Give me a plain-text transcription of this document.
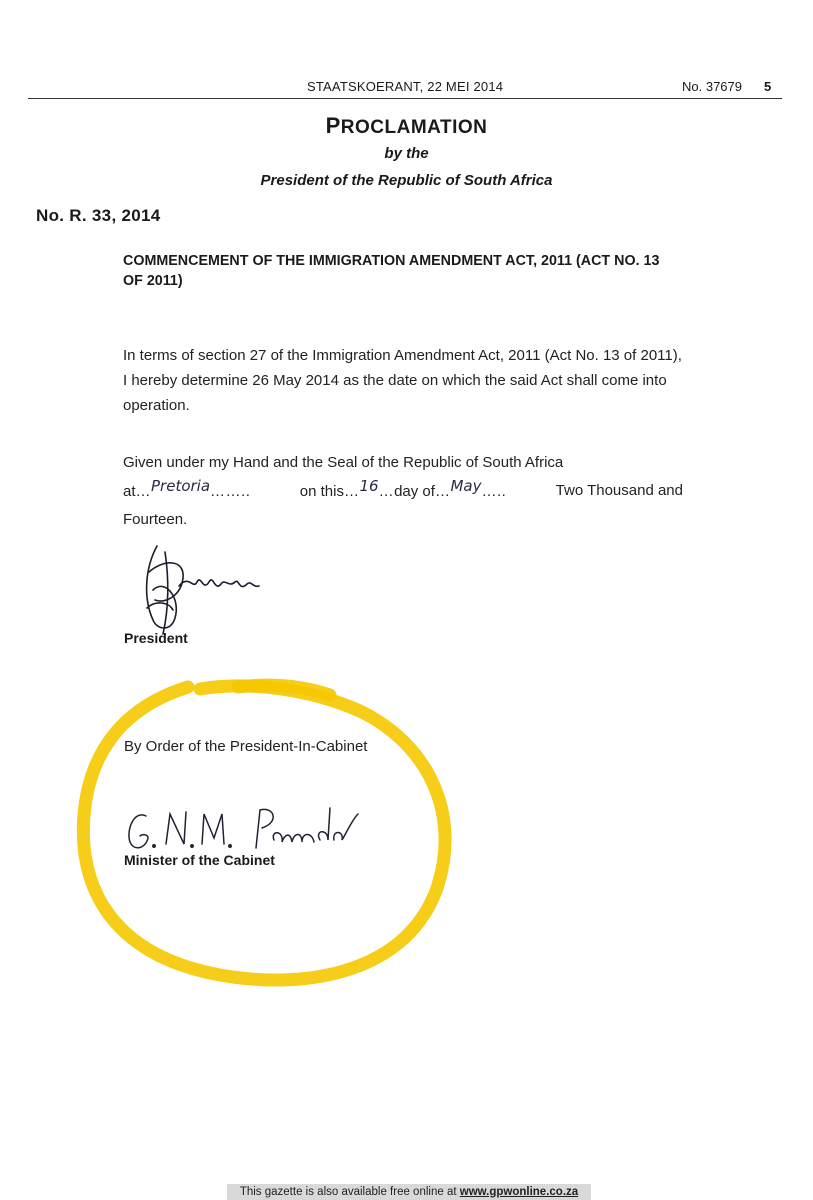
STAATSKOERANT, 22 MEI 2014	No. 37679 5
PROCLAMATION
by the
President of the Republic of South Africa
No. R. 33, 2014
COMMENCEMENT OF THE IMMIGRATION AMENDMENT ACT, 2011 (ACT NO. 13 OF 2011)
In terms of section 27 of the Immigration Amendment Act, 2011 (Act No. 13 of 2011), I hereby determine 26 May 2014 as the date on which the said Act shall come into operation.
Given under my Hand and the Seal of the Republic of South Africa
at…Pretoria……..	on this…16…day of…May…..	Two Thousand and
Fourteen.
President
By Order of the President-In-Cabinet
Minister of the Cabinet
This gazette is also available free online at www.gpwonline.co.za
